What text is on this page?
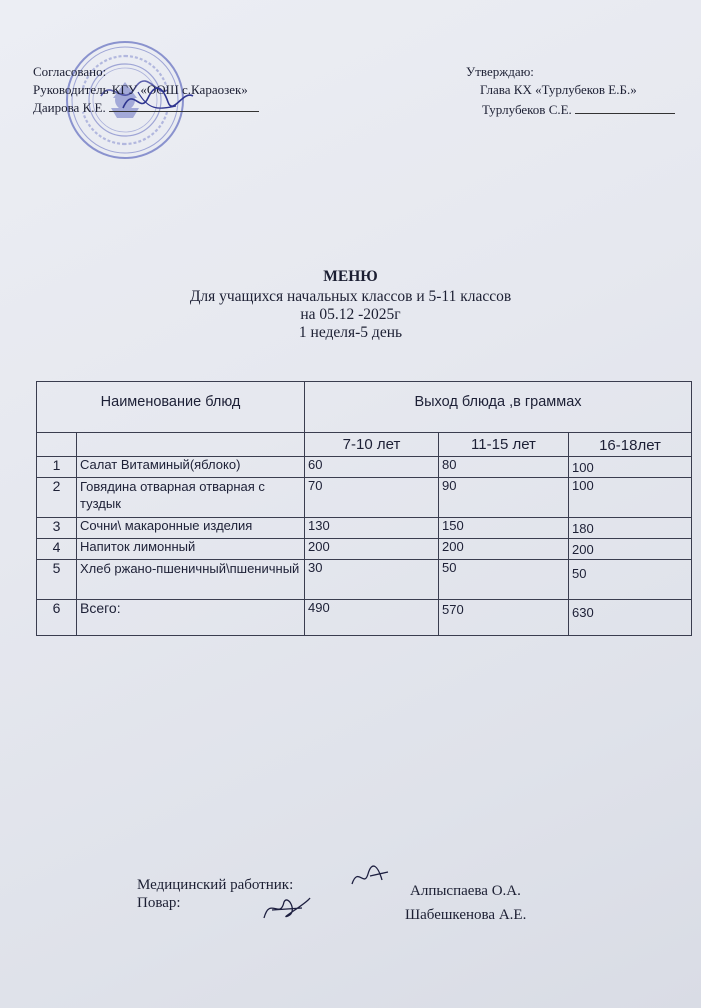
Согласовано:
Руководитель КГУ «ООШ с.Караозек»
Даирова К.Е.
Утверждаю:
Глава КХ «Турлубеков Е.Б.»
Турлубеков С.Е.
МЕНЮ
Для учащихся начальных классов и 5-11 классов
на 05.12 -2025г
1 неделя-5 день
Наименование блюд		Выход блюда ,в граммах		
		7-10 лет	11-15 лет	16-18лет
1	Салат Витаминый(яблоко)	60	80	100
2	Говядина отварная отварная с туздык	70	90	100
3	Сочни\ макаронные изделия	130	150	180
4	Напиток лимонный	200	200	200
5	Хлеб ржано-пшеничный\пшеничный	30	50	50
6	Всего:	490	570	630
Медицинский работник:	Алпыспаева О.А.
Повар:
Шабешкенова А.Е.
